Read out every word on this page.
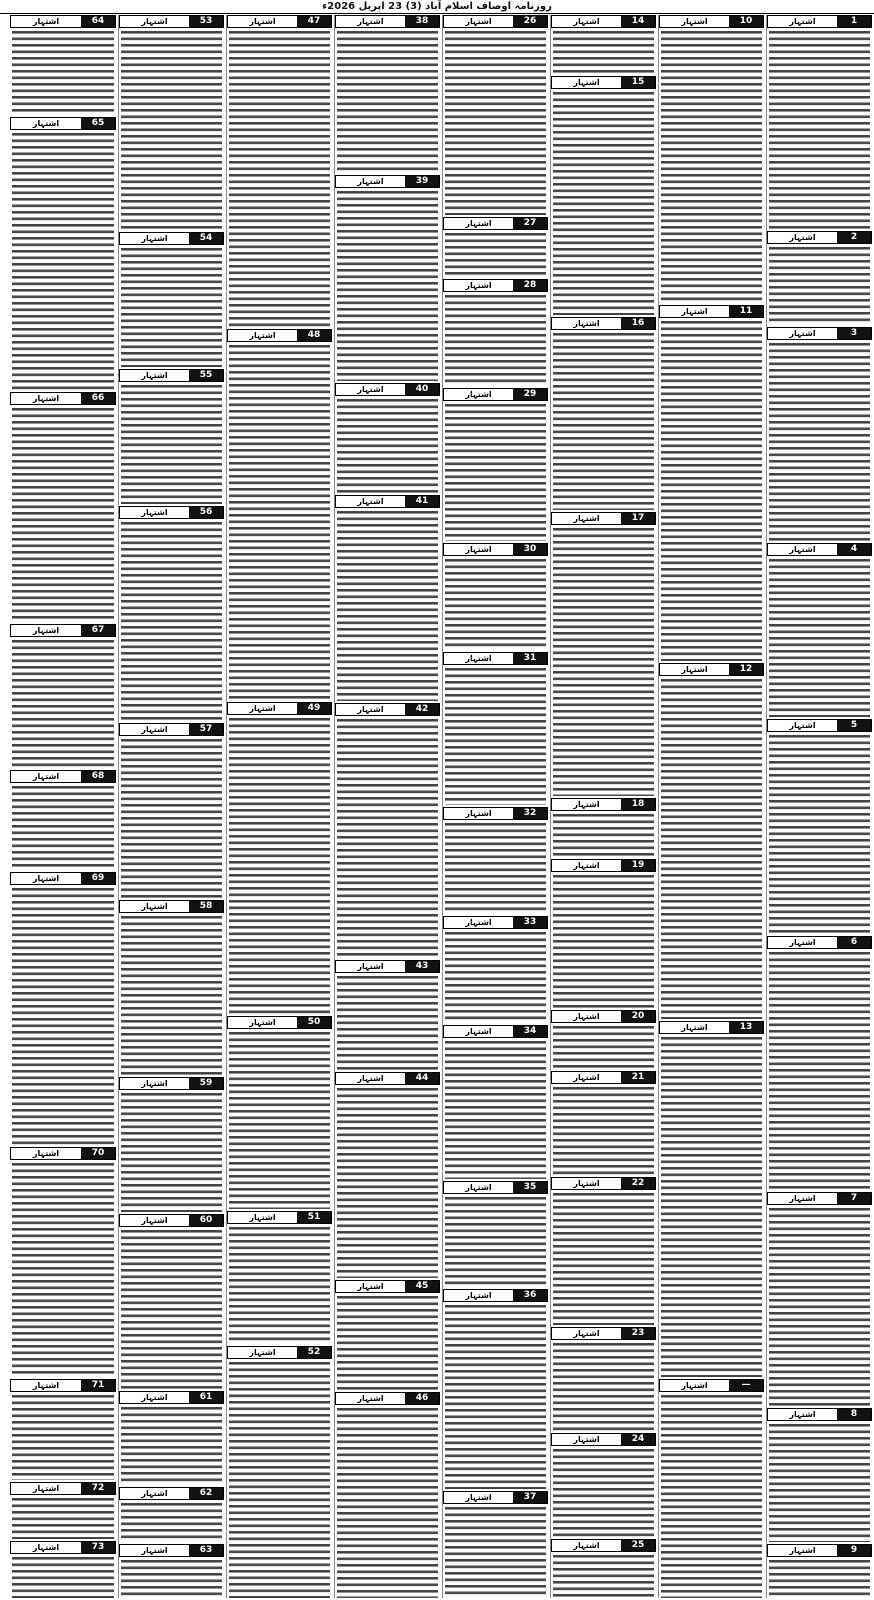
روزنامہ اوصاف اسلام آباد (3) 23 اپریل 2026ء
اشتہار	1
اشتہار	2
اشتہار	3
اشتہار	4
اشتہار	5
اشتہار	6
اشتہار	7
اشتہار	8
اشتہار	9
اشتہار	10
اشتہار	11
اشتہار	12
اشتہار	13
اشتہار	—
اشتہار	14
اشتہار	15
اشتہار	16
اشتہار	17
اشتہار	18
اشتہار	19
اشتہار	20
اشتہار	21
اشتہار	22
اشتہار	23
اشتہار	24
اشتہار	25
اشتہار	26
اشتہار	27
اشتہار	28
اشتہار	29
اشتہار	30
اشتہار	31
اشتہار	32
اشتہار	33
اشتہار	34
اشتہار	35
اشتہار	36
اشتہار	37
اشتہار	38
اشتہار	39
اشتہار	40
اشتہار	41
اشتہار	42
اشتہار	43
اشتہار	44
اشتہار	45
اشتہار	46
اشتہار	47
اشتہار	48
اشتہار	49
اشتہار	50
اشتہار	51
اشتہار	52
اشتہار	53
اشتہار	54
اشتہار	55
اشتہار	56
اشتہار	57
اشتہار	58
اشتہار	59
اشتہار	60
اشتہار	61
اشتہار	62
اشتہار	63
اشتہار	64
اشتہار	65
اشتہار	66
اشتہار	67
اشتہار	68
اشتہار	69
اشتہار	70
اشتہار	71
اشتہار	72
اشتہار	73
